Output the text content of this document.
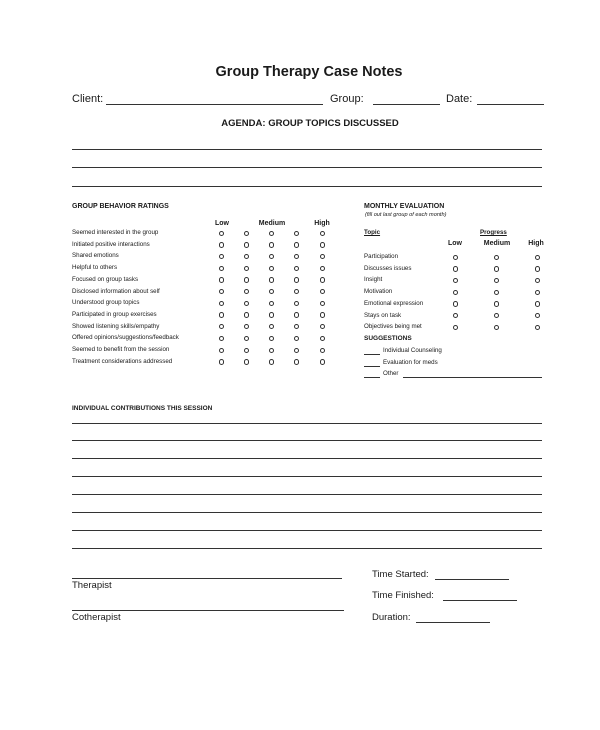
Group Therapy Case Notes
Client:	Group:	Date:
AGENDA: GROUP TOPICS DISCUSSED
GROUP BEHAVIOR RATINGS
Low	Medium	High
Seemed interested in the group
Initiated positive interactions
Shared emotions
Helpful to others
Focused on group tasks
Disclosed information about self
Understood group topics
Participated in group exercises
Showed listening skills/empathy
Offered opinions/suggestions/feedback
Seemed to benefit from the session
Treatment considerations addressed
MONTHLY EVALUATION
(fill out last group of each month)
Topic	Progress
Low	Medium	High
Participation
Discusses issues
Insight
Motivation
Emotional expression
Stays on task
Objectives being met
SUGGESTIONS
Individual Counseling
Evaluation for meds
Other
INDIVIDUAL CONTRIBUTIONS THIS SESSION
Therapist
Cotherapist
Time Started:
Time Finished:
Duration:
